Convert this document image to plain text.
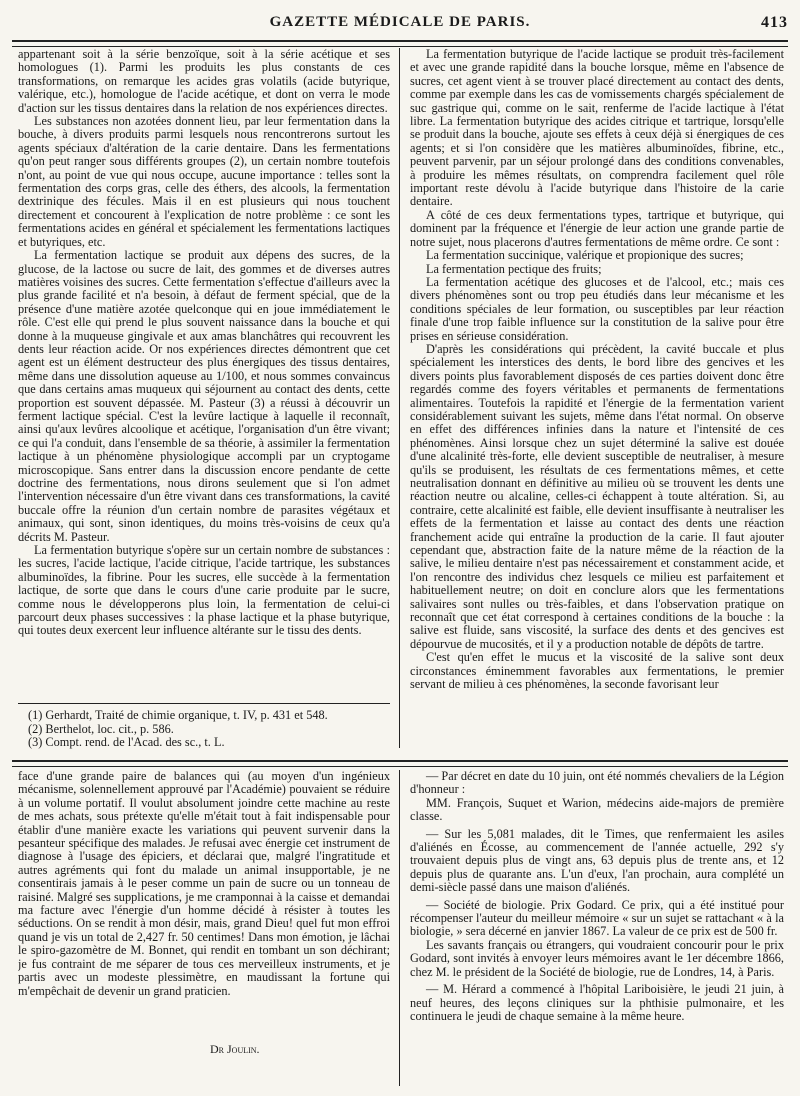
GAZETTE MÉDICALE DE PARIS.	413

appartenant soit à la série benzoïque, soit à la série acétique et ses homologues (1). Parmi les produits les plus constants de ces transformations, on remarque les acides gras volatils (acide butyrique, valérique, etc.), homologue de l'acide acétique, et dont on verra le mode d'action sur les tissus dentaires dans la relation de nos expériences directes.

Les substances non azotées donnent lieu, par leur fermentation dans la bouche, à divers produits parmi lesquels nous rencontrerons surtout les agents spéciaux d'altération de la carie dentaire. Dans les fermentations qu'on peut ranger sous différents groupes (2), un certain nombre toutefois n'ont, au point de vue qui nous occupe, aucune importance : telles sont la fermentation des corps gras, celle des éthers, des alcools, la fermentation dextrinique des fécules. Mais il en est plusieurs qui nous touchent directement et concourent à l'explication de notre problème : ce sont les fermentations acides en général et spécialement les fermentations lactiques et butyriques, etc.

La fermentation lactique se produit aux dépens des sucres, de la glucose, de la lactose ou sucre de lait, des gommes et de diverses autres matières voisines des sucres. Cette fermentation s'effectue d'ailleurs avec la plus grande facilité et n'a besoin, à défaut de ferment spécial, que de la présence d'une matière azotée quelconque qui en joue immédiatement le rôle. C'est elle qui prend le plus souvent naissance dans la bouche et qui donne à la muqueuse gingivale et aux amas blanchâtres qui recouvrent les dents leur réaction acide. Or nos expériences directes démontrent que cet agent est un élément destructeur des plus énergiques des tissus dentaires, même dans une dissolution aqueuse au 1/100, et nous sommes convaincus que dans certains amas muqueux qui séjournent au contact des dents, cette proportion est souvent dépassée. M. Pasteur (3) a réussi à découvrir un ferment lactique spécial. C'est la levûre lactique à laquelle il reconnaît, ainsi qu'aux levûres alcoolique et acétique, l'organisation d'un être vivant; ce qui l'a conduit, dans l'ensemble de sa théorie, à assimiler la fermentation lactique à un phénomène physiologique accompli par un cryptogame microscopique. Sans entrer dans la discussion encore pendante de cette doctrine des fermentations, nous dirons seulement que si l'on admet l'intervention nécessaire d'un être vivant dans ces transformations, la cavité buccale offre la réunion d'un certain nombre de parasites végétaux et animaux, qui sont, sinon identiques, du moins très-voisins de ceux qu'a décrits M. Pasteur.

La fermentation butyrique s'opère sur un certain nombre de substances : les sucres, l'acide lactique, l'acide citrique, l'acide tartrique, les substances albuminoïdes, la fibrine. Pour les sucres, elle succède à la fermentation lactique, de sorte que dans le cours d'une carie produite par le sucre, comme nous le développerons plus loin, la fermentation de celui-ci parcourt deux phases successives : la phase lactique et la phase butyrique, qui toutes deux exercent leur influence altérante sur le tissu des dents.

(1) Gerhardt, Traité de chimie organique, t. IV, p. 431 et 548.
(2) Berthelot, loc. cit., p. 586.
(3) Compt. rend. de l'Acad. des sc., t. L.

La fermentation butyrique de l'acide lactique se produit très-facilement et avec une grande rapidité dans la bouche lorsque, même en l'absence de sucres, cet agent vient à se trouver placé directement au contact des dents, comme par exemple dans les cas de vomissements chargés spécialement de suc gastrique qui, comme on le sait, renferme de l'acide lactique à l'état libre. La fermentation butyrique des acides citrique et tartrique, lorsqu'elle se produit dans la bouche, ajoute ses effets à ceux déjà si énergiques de ces agents; et si l'on considère que les matières albuminoïdes, fibrine, etc., peuvent parvenir, par un séjour prolongé dans des conditions convenables, à produire les mêmes résultats, on comprendra facilement quel rôle important reste dévolu à l'acide butyrique dans l'histoire de la carie dentaire.

A côté de ces deux fermentations types, tartrique et butyrique, qui dominent par la fréquence et l'énergie de leur action une grande partie de notre sujet, nous placerons d'autres fermentations de même ordre. Ce sont :

La fermentation succinique, valérique et propionique des sucres;

La fermentation pectique des fruits;

La fermentation acétique des glucoses et de l'alcool, etc.; mais ces divers phénomènes sont ou trop peu étudiés dans leur mécanisme et les conditions spéciales de leur formation, ou susceptibles par leur réaction finale d'une trop faible influence sur la constitution de la salive pour être prises en sérieuse considération.

D'après les considérations qui précèdent, la cavité buccale et plus spécialement les interstices des dents, le bord libre des gencives et les divers points plus favorablement disposés de ces parties doivent donc être regardés comme des foyers véritables et permanents de fermentations alimentaires. Toutefois la rapidité et l'énergie de la fermentation varient considérablement suivant les sujets, même dans l'état normal. On observe en effet des différences infinies dans la nature et l'intensité de ces phénomènes. Ainsi lorsque chez un sujet déterminé la salive est douée d'une alcalinité très-forte, elle devient susceptible de neutraliser, à mesure qu'ils se produisent, les résultats de ces fermentations mêmes, et cette neutralisation donnant en définitive au milieu où se trouvent les dents une réaction neutre ou alcaline, celles-ci échappent à toute altération. Si, au contraire, cette alcalinité est faible, elle devient insuffisante à neutraliser les effets de la fermentation et laisse au contact des dents une réaction franchement acide qui entraîne la production de la carie. Il faut ajouter cependant que, abstraction faite de la nature même de la réaction de la salive, le milieu dentaire n'est pas nécessairement et constamment acide, et l'on rencontre des individus chez lesquels ce milieu est parfaitement et habituellement neutre; on doit en conclure alors que les fermentations salivaires sont nulles ou très-faibles, et dans l'observation pratique on reconnaît que cet état correspond à certaines conditions de la bouche : la salive est fluide, sans viscosité, la surface des dents et des gencives est dépourvue de mucosités, et il y a production notable de dépôts de tartre.

C'est qu'en effet le mucus et la viscosité de la salive sont deux circonstances éminemment favorables aux fermentations, le premier servant de milieu à ces phénomènes, la seconde favorisant leur

face d'une grande paire de balances qui (au moyen d'un ingénieux mécanisme, solennellement approuvé par l'Académie) pouvaient se réduire à un volume portatif. Il voulut absolument joindre cette machine au reste de mes achats, sous prétexte qu'elle m'était tout à fait indispensable pour établir d'une manière exacte les variations qui peuvent survenir dans la pesanteur spécifique des malades. Je refusai avec énergie cet instrument de diagnose à l'usage des épiciers, et déclarai que, malgré l'ingratitude et autres agréments qui font du malade un animal insupportable, je ne consentirais jamais à le peser comme un pain de sucre ou un tonneau de raisiné. Malgré ses supplications, je me cramponnai à la caisse et demandai ma facture avec l'énergie d'un homme décidé à résister à toutes les séductions. On se rendit à mon désir, mais, grand Dieu! quel fut mon effroi quand je vis un total de 2,427 fr. 50 centimes! Dans mon émotion, je lâchai le spiro-gazomètre de M. Bonnet, qui rendit en tombant un son déchirant; je fus contraint de me séparer de tous ces merveilleux instruments, et je partis avec un modeste plessimètre, en maudissant la fortune qui m'empêchait de devenir un grand praticien.

Dr Joulin.

— Par décret en date du 10 juin, ont été nommés chevaliers de la Légion d'honneur :

MM. François, Suquet et Warion, médecins aide-majors de première classe.

— Sur les 5,081 malades, dit le Times, que renfermaient les asiles d'aliénés en Écosse, au commencement de l'année actuelle, 292 s'y trouvaient depuis plus de vingt ans, 63 depuis plus de trente ans, et 12 depuis plus de quarante ans. L'un d'eux, l'an prochain, aura complété un demi-siècle passé dans une maison d'aliénés.

— Société de biologie. Prix Godard. Ce prix, qui a été institué pour récompenser l'auteur du meilleur mémoire « sur un sujet se rattachant « à la biologie, » sera décerné en janvier 1867. La valeur de ce prix est de 500 fr.

Les savants français ou étrangers, qui voudraient concourir pour le prix Godard, sont invités à envoyer leurs mémoires avant le 1er décembre 1866, chez M. le président de la Société de biologie, rue de Londres, 14, à Paris.

— M. Hérard a commencé à l'hôpital Lariboisière, le jeudi 21 juin, à neuf heures, des leçons cliniques sur la phthisie pulmonaire, et les continuera le jeudi de chaque semaine à la même heure.
